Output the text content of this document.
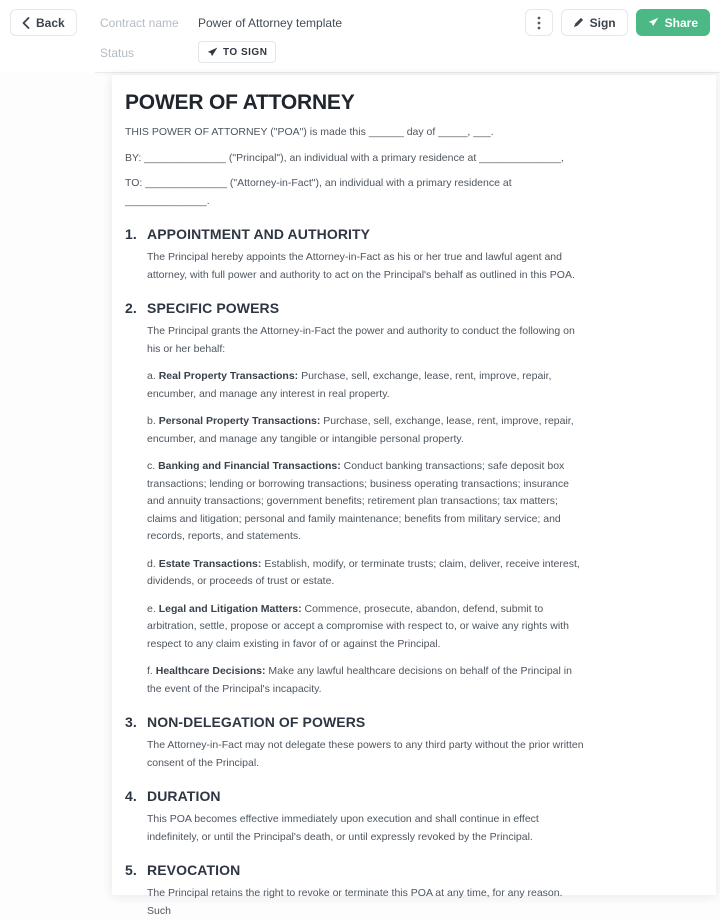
Back	Contract name Power of Attorney template
Status	TO SIGN
Sign	Share
POWER OF ATTORNEY

THIS POWER OF ATTORNEY ("POA") is made this ______ day of _____, ___.

BY: ______________ ("Principal"), an individual with a primary residence at ______________,

TO: ______________ ("Attorney-in-Fact"), an individual with a primary residence at ______________.

1. APPOINTMENT AND AUTHORITY

The Principal hereby appoints the Attorney-in-Fact as his or her true and lawful agent and attorney, with full power and authority to act on the Principal's behalf as outlined in this POA.

2. SPECIFIC POWERS

The Principal grants the Attorney-in-Fact the power and authority to conduct the following on his or her behalf:

a. Real Property Transactions: Purchase, sell, exchange, lease, rent, improve, repair, encumber, and manage any interest in real property.

b. Personal Property Transactions: Purchase, sell, exchange, lease, rent, improve, repair, encumber, and manage any tangible or intangible personal property.

c. Banking and Financial Transactions: Conduct banking transactions; safe deposit box transactions; lending or borrowing transactions; business operating transactions; insurance and annuity transactions; government benefits; retirement plan transactions; tax matters; claims and litigation; personal and family maintenance; benefits from military service; and records, reports, and statements.

d. Estate Transactions: Establish, modify, or terminate trusts; claim, deliver, receive interest, dividends, or proceeds of trust or estate.

e. Legal and Litigation Matters: Commence, prosecute, abandon, defend, submit to arbitration, settle, propose or accept a compromise with respect to, or waive any rights with respect to any claim existing in favor of or against the Principal.

f. Healthcare Decisions: Make any lawful healthcare decisions on behalf of the Principal in the event of the Principal's incapacity.

3. NON-DELEGATION OF POWERS

The Attorney-in-Fact may not delegate these powers to any third party without the prior written consent of the Principal.

4. DURATION

This POA becomes effective immediately upon execution and shall continue in effect indefinitely, or until the Principal's death, or until expressly revoked by the Principal.

5. REVOCATION

The Principal retains the right to revoke or terminate this POA at any time, for any reason. Such
